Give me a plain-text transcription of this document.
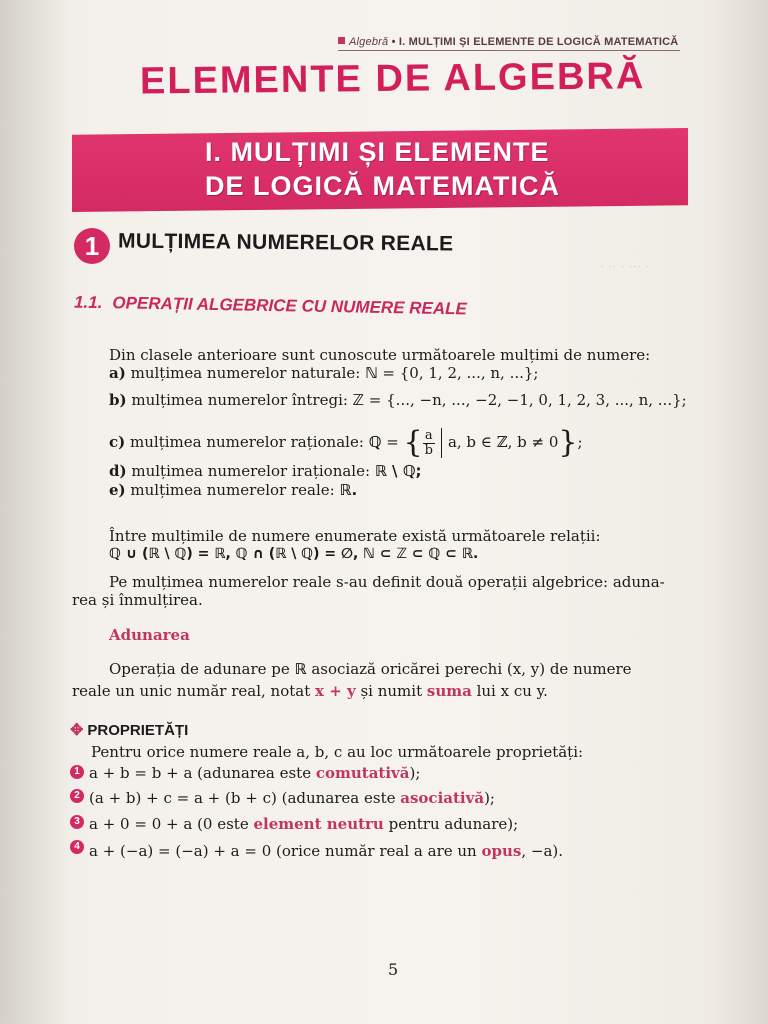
· ·· · ··· ·
Algebră • I. MULȚIMI ȘI ELEMENTE DE LOGICĂ MATEMATICĂ
ELEMENTE DE ALGEBRĂ
I. MULȚIMI ȘI ELEMENTE
DE LOGICĂ MATEMATICĂ
1 MULȚIMEA NUMERELOR REALE
1.1. OPERAȚII ALGEBRICE CU NUMERE REALE
Din clasele anterioare sunt cunoscute următoarele mulțimi de numere:
a) mulțimea numerelor naturale: ℕ = {0, 1, 2, ..., n, ...};
b) mulțimea numerelor întregi: ℤ = {..., −n, ..., −2, −1, 0, 1, 2, 3, ..., n, ...};
c) mulțimea numerelor raționale: ℚ = { $\frac{a}{b} a$, b ∈ ℤ, b ≠ 0};
d) mulțimea numerelor iraționale: ℝ \ ℚ;
e) mulțimea numerelor reale: ℝ.
Între mulțimile de numere enumerate există următoarele relații:
ℚ ∪ (ℝ \ ℚ) = ℝ, ℚ ∩ (ℝ \ ℚ) = ∅, ℕ ⊂ ℤ ⊂ ℚ ⊂ ℝ.
Pe mulțimea numerelor reale s-au definit două operații algebrice: aduna-
rea și înmulțirea.
Adunarea
Operația de adunare pe ℝ asociază oricărei perechi (x, y) de numere
reale un unic număr real, notat x + y și numit suma lui x cu y.
✥ PROPRIETĂȚI
Pentru orice numere reale a, b, c au loc următoarele proprietăți:
1 a + b = b + a (adunarea este comutativă);
2 (a + b) + c = a + (b + c) (adunarea este asociativă);
3 a + 0 = 0 + a (0 este element neutru pentru adunare);
4 a + (−a) = (−a) + a = 0 (orice număr real a are un opus, −a).
5
